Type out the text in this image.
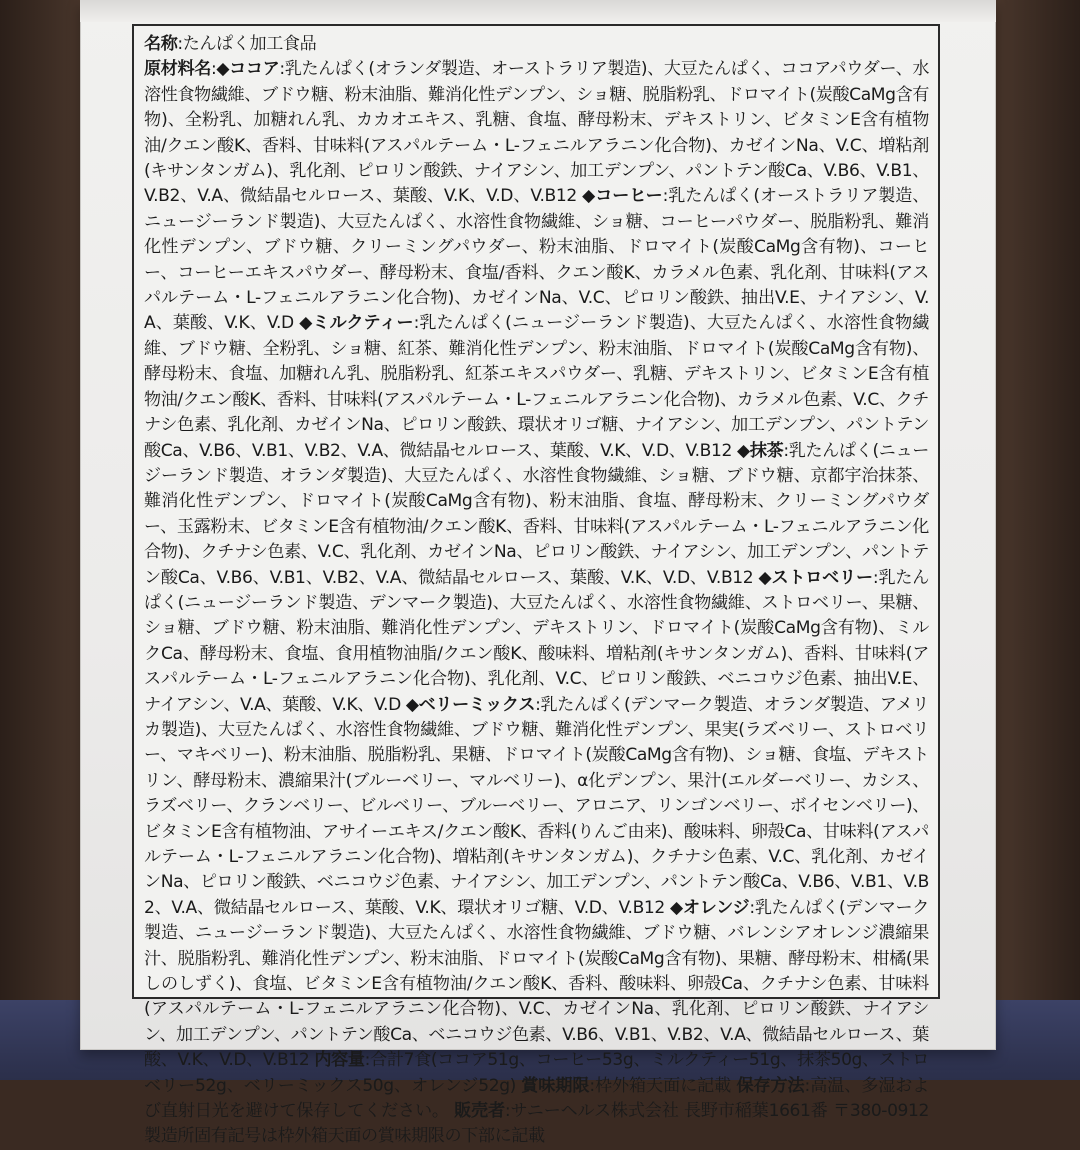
名称:たんぱく加工食品
原材料名:◆ココア:乳たんぱく(オランダ製造、オーストラリア製造)、大豆たんぱく、ココアパウダー、水溶性食物繊維、ブドウ糖、粉末油脂、難消化性デンプン、ショ糖、脱脂粉乳、ドロマイト(炭酸CaMg含有物)、全粉乳、加糖れん乳、カカオエキス、乳糖、食塩、酵母粉末、デキストリン、ビタミンE含有植物油/クエン酸K、香料、甘味料(アスパルテーム・L-フェニルアラニン化合物)、カゼインNa、V.C、増粘剤(キサンタンガム)、乳化剤、ピロリン酸鉄、ナイアシン、加工デンプン、パントテン酸Ca、V.B6、V.B1、V.B2、V.A、微結晶セルロース、葉酸、V.K、V.D、V.B12 ◆コーヒー:乳たんぱく(オーストラリア製造、ニュージーランド製造)、大豆たんぱく、水溶性食物繊維、ショ糖、コーヒーパウダー、脱脂粉乳、難消化性デンプン、ブドウ糖、クリーミングパウダー、粉末油脂、ドロマイト(炭酸CaMg含有物)、コーヒー、コーヒーエキスパウダー、酵母粉末、食塩/香料、クエン酸K、カラメル色素、乳化剤、甘味料(アスパルテーム・L-フェニルアラニン化合物)、カゼインNa、V.C、ピロリン酸鉄、抽出V.E、ナイアシン、V.A、葉酸、V.K、V.D ◆ミルクティー:乳たんぱく(ニュージーランド製造)、大豆たんぱく、水溶性食物繊維、ブドウ糖、全粉乳、ショ糖、紅茶、難消化性デンプン、粉末油脂、ドロマイト(炭酸CaMg含有物)、酵母粉末、食塩、加糖れん乳、脱脂粉乳、紅茶エキスパウダー、乳糖、デキストリン、ビタミンE含有植物油/クエン酸K、香料、甘味料(アスパルテーム・L-フェニルアラニン化合物)、カラメル色素、V.C、クチナシ色素、乳化剤、カゼインNa、ピロリン酸鉄、環状オリゴ糖、ナイアシン、加工デンプン、パントテン酸Ca、V.B6、V.B1、V.B2、V.A、微結晶セルロース、葉酸、V.K、V.D、V.B12 ◆抹茶:乳たんぱく(ニュージーランド製造、オランダ製造)、大豆たんぱく、水溶性食物繊維、ショ糖、ブドウ糖、京都宇治抹茶、難消化性デンプン、ドロマイト(炭酸CaMg含有物)、粉末油脂、食塩、酵母粉末、クリーミングパウダー、玉露粉末、ビタミンE含有植物油/クエン酸K、香料、甘味料(アスパルテーム・L-フェニルアラニン化合物)、クチナシ色素、V.C、乳化剤、カゼインNa、ピロリン酸鉄、ナイアシン、加工デンプン、パントテン酸Ca、V.B6、V.B1、V.B2、V.A、微結晶セルロース、葉酸、V.K、V.D、V.B12 ◆ストロベリー:乳たんぱく(ニュージーランド製造、デンマーク製造)、大豆たんぱく、水溶性食物繊維、ストロベリー、果糖、ショ糖、ブドウ糖、粉末油脂、難消化性デンプン、デキストリン、ドロマイト(炭酸CaMg含有物)、ミルクCa、酵母粉末、食塩、食用植物油脂/クエン酸K、酸味料、増粘剤(キサンタンガム)、香料、甘味料(アスパルテーム・L-フェニルアラニン化合物)、乳化剤、V.C、ピロリン酸鉄、ベニコウジ色素、抽出V.E、ナイアシン、V.A、葉酸、V.K、V.D ◆ベリーミックス:乳たんぱく(デンマーク製造、オランダ製造、アメリカ製造)、大豆たんぱく、水溶性食物繊維、ブドウ糖、難消化性デンプン、果実(ラズベリー、ストロベリー、マキベリー)、粉末油脂、脱脂粉乳、果糖、ドロマイト(炭酸CaMg含有物)、ショ糖、食塩、デキストリン、酵母粉末、濃縮果汁(ブルーベリー、マルベリー)、α化デンプン、果汁(エルダーベリー、カシス、ラズベリー、クランベリー、ビルベリー、ブルーベリー、アロニア、リンゴンベリー、ボイセンベリー)、ビタミンE含有植物油、アサイーエキス/クエン酸K、香料(りんご由来)、酸味料、卵殻Ca、甘味料(アスパルテーム・L-フェニルアラニン化合物)、増粘剤(キサンタンガム)、クチナシ色素、V.C、乳化剤、カゼインNa、ピロリン酸鉄、ベニコウジ色素、ナイアシン、加工デンプン、パントテン酸Ca、V.B6、V.B1、V.B2、V.A、微結晶セルロース、葉酸、V.K、環状オリゴ糖、V.D、V.B12 ◆オレンジ:乳たんぱく(デンマーク製造、ニュージーランド製造)、大豆たんぱく、水溶性食物繊維、ブドウ糖、バレンシアオレンジ濃縮果汁、脱脂粉乳、難消化性デンプン、粉末油脂、ドロマイト(炭酸CaMg含有物)、果糖、酵母粉末、柑橘(果しのしずく)、食塩、ビタミンE含有植物油/クエン酸K、香料、酸味料、卵殻Ca、クチナシ色素、甘味料(アスパルテーム・L-フェニルアラニン化合物)、V.C、カゼインNa、乳化剤、ピロリン酸鉄、ナイアシン、加工デンプン、パントテン酸Ca、ベニコウジ色素、V.B6、V.B1、V.B2、V.A、微結晶セルロース、葉酸、V.K、V.D、V.B12 内容量:合計7食(ココア51g、コーヒー53g、ミルクティー51g、抹茶50g、ストロベリー52g、ベリーミックス50g、オレンジ52g) 賞味期限:枠外箱天面に記載 保存方法:高温、多湿および直射日光を避けて保存してください。 販売者:サニーヘルス株式会社 長野市稲葉1661番 〒380-0912 製造所固有記号は枠外箱天面の賞味期限の下部に記載
